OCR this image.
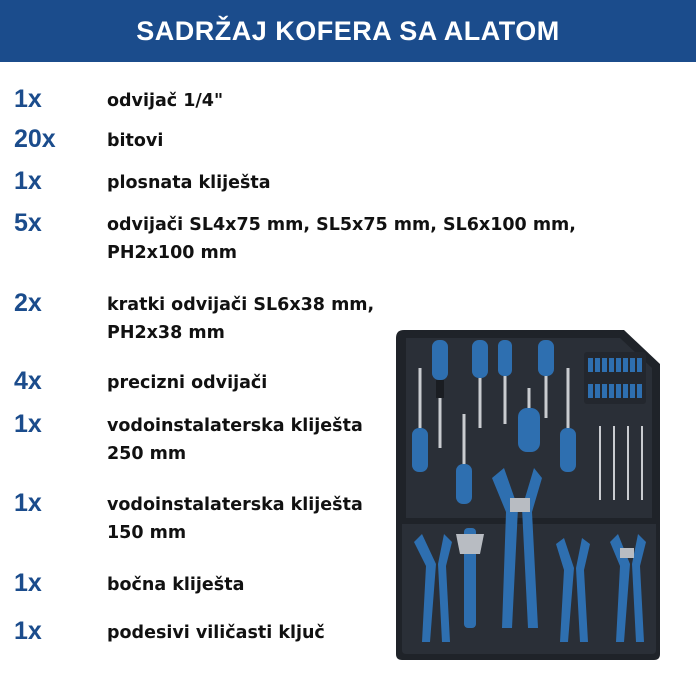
SADRŽAJ KOFERA SA ALATOM
1x	odvijač 1/4"
20x	bitovi
1x	plosnata kliješta
5x	odvijači SL4x75 mm, SL5x75 mm, SL6x100 mm,
PH2x100 mm
2x	kratki odvijači SL6x38 mm,
PH2x38 mm
4x	precizni odvijači
1x	vodoinstalaterska kliješta
250 mm
1x	vodoinstalaterska kliješta
150 mm
1x	bočna kliješta
1x	podesivi viličasti ključ
